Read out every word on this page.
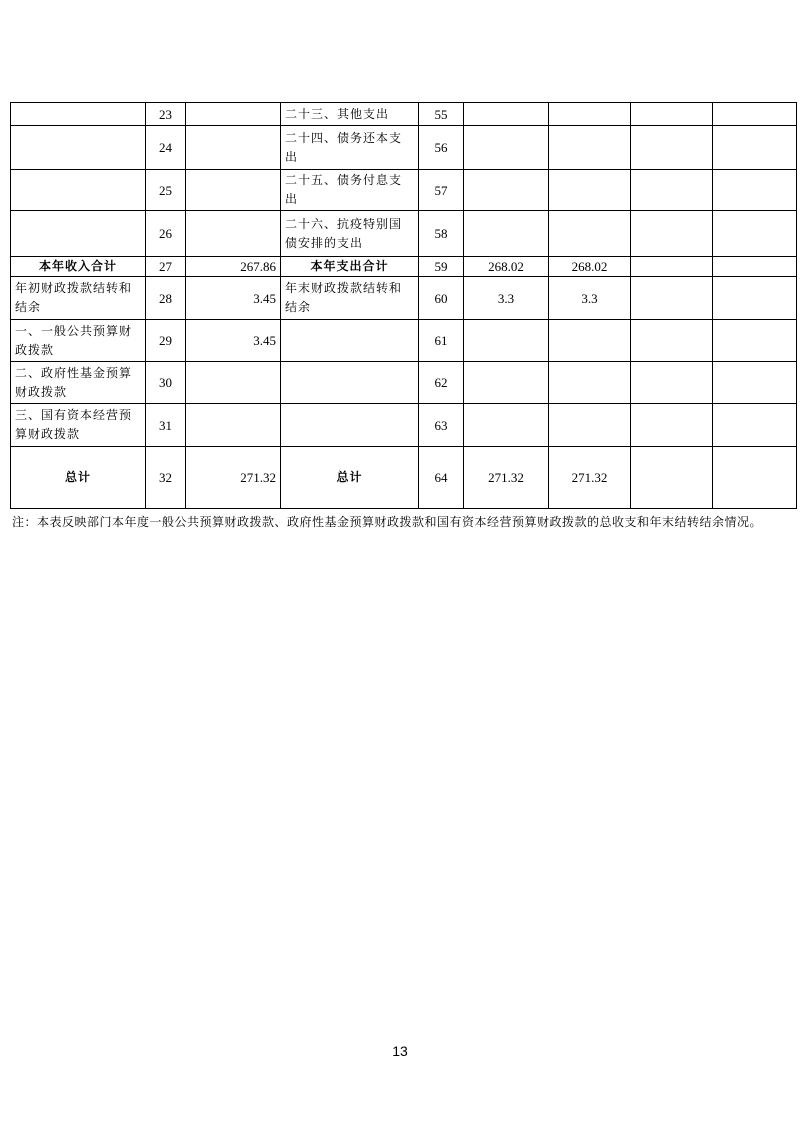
	23		二十三、其他支出	55				
	24		二十四、债务还本支出	56				
	25		二十五、债务付息支出	57				
	26		二十六、抗疫特别国债安排的支出	58				
本年收入合计	27	267.86	本年支出合计	59	268.02	268.02		
年初财政拨款结转和结余	28	3.45	年末财政拨款结转和结余	60	3.3	3.3		
一、一般公共预算财政拨款	29	3.45		61				
二、政府性基金预算财政拨款	30			62				
三、国有资本经营预算财政拨款	31			63				
总计	32	271.32	总计	64	271.32	271.32		
注：本表反映部门本年度一般公共预算财政拨款、政府性基金预算财政拨款和国有资本经营预算财政拨款的总收支和年末结转结余情况。
13
